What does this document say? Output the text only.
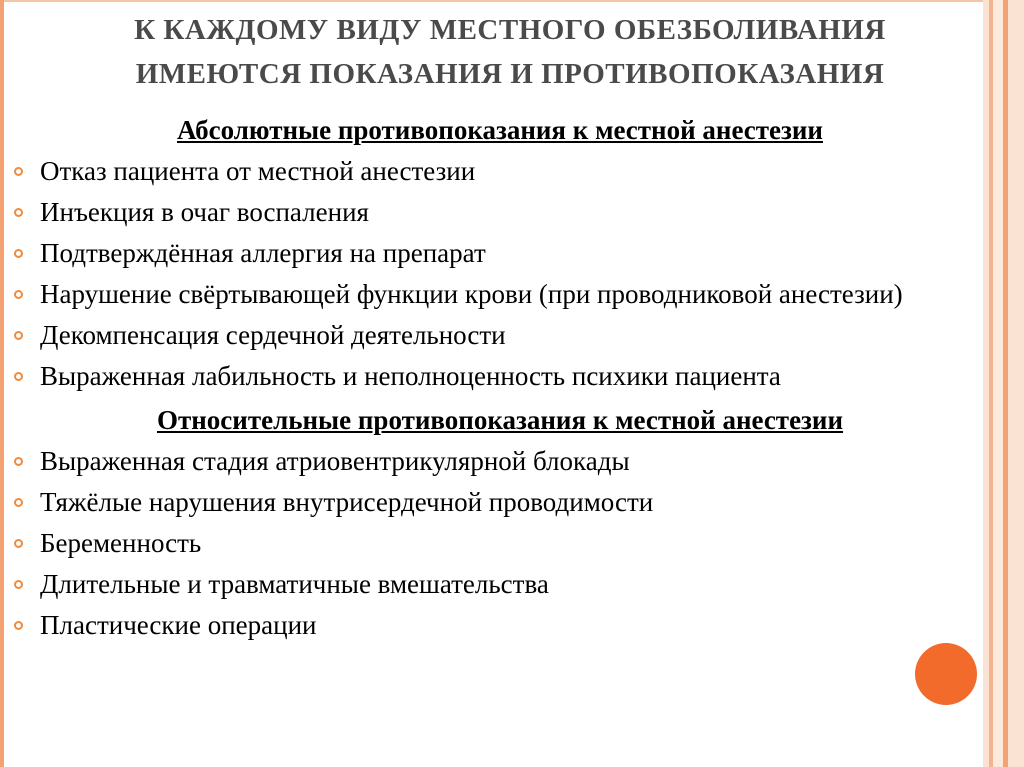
К КАЖДОМУ ВИДУ МЕСТНОГО ОБЕЗБОЛИВАНИЯ
ИМЕЮТСЯ ПОКАЗАНИЯ И ПРОТИВОПОКАЗАНИЯ

Абсолютные противопоказания к местной анестезии

Отказ пациента от местной анестезии
Инъекция в очаг воспаления
Подтверждённая аллергия на препарат
Нарушение свёртывающей функции крови (при проводниковой анестезии)
Декомпенсация сердечной деятельности
Выраженная лабильность и неполноценность психики пациента

Относительные противопоказания к местной анестезии

Выраженная стадия атриовентрикулярной блокады
Тяжёлые нарушения внутрисердечной проводимости
Беременность
Длительные и травматичные вмешательства
Пластические операции
